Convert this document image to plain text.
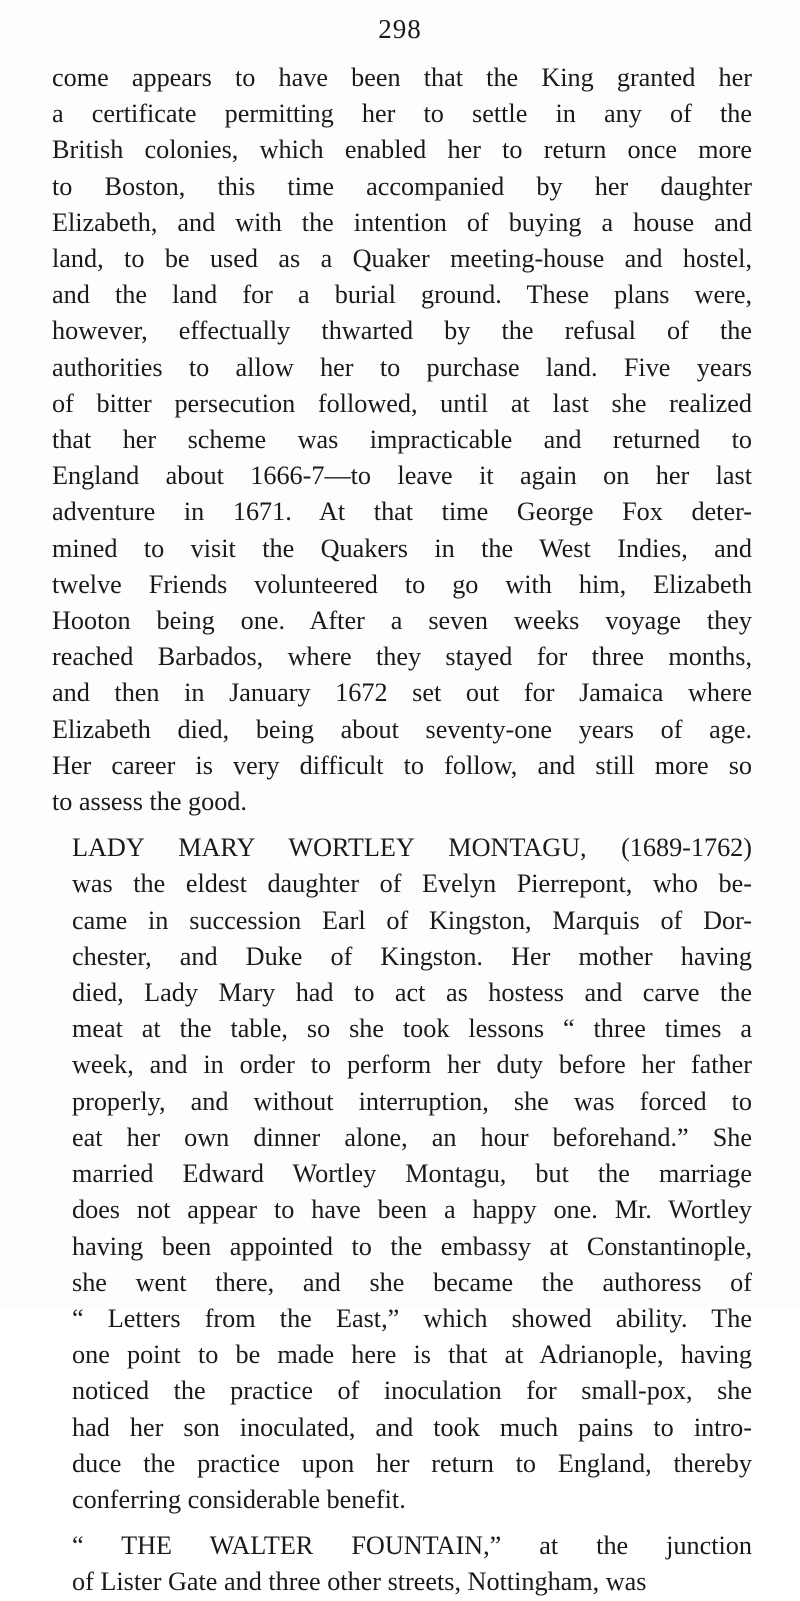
298
come appears to have been that the King granted her
a certificate permitting her to settle in any of the
British colonies, which enabled her to return once more
to Boston, this time accompanied by her daughter
Elizabeth, and with the intention of buying a house and
land, to be used as a Quaker meeting-house and hostel,
and the land for a burial ground. These plans were,
however, effectually thwarted by the refusal of the
authorities to allow her to purchase land. Five years
of bitter persecution followed, until at last she realized
that her scheme was impracticable and returned to
England about 1666-7—to leave it again on her last
adventure in 1671. At that time George Fox deter-
mined to visit the Quakers in the West Indies, and
twelve Friends volunteered to go with him, Elizabeth
Hooton being one. After a seven weeks voyage they
reached Barbados, where they stayed for three months,
and then in January 1672 set out for Jamaica where
Elizabeth died, being about seventy-one years of age.
Her career is very difficult to follow, and still more so
to assess the good.
LADY MARY WORTLEY MONTAGU, (1689-1762)
was the eldest daughter of Evelyn Pierrepont, who be-
came in succession Earl of Kingston, Marquis of Dor-
chester, and Duke of Kingston. Her mother having
died, Lady Mary had to act as hostess and carve the
meat at the table, so she took lessons “ three times a
week, and in order to perform her duty before her father
properly, and without interruption, she was forced to
eat her own dinner alone, an hour beforehand.” She
married Edward Wortley Montagu, but the marriage
does not appear to have been a happy one. Mr. Wortley
having been appointed to the embassy at Constantinople,
she went there, and she became the authoress of
“ Letters from the East,” which showed ability. The
one point to be made here is that at Adrianople, having
noticed the practice of inoculation for small-pox, she
had her son inoculated, and took much pains to intro-
duce the practice upon her return to England, thereby
conferring considerable benefit.
“ THE WALTER FOUNTAIN,” at the junction
of Lister Gate and three other streets, Nottingham, was
